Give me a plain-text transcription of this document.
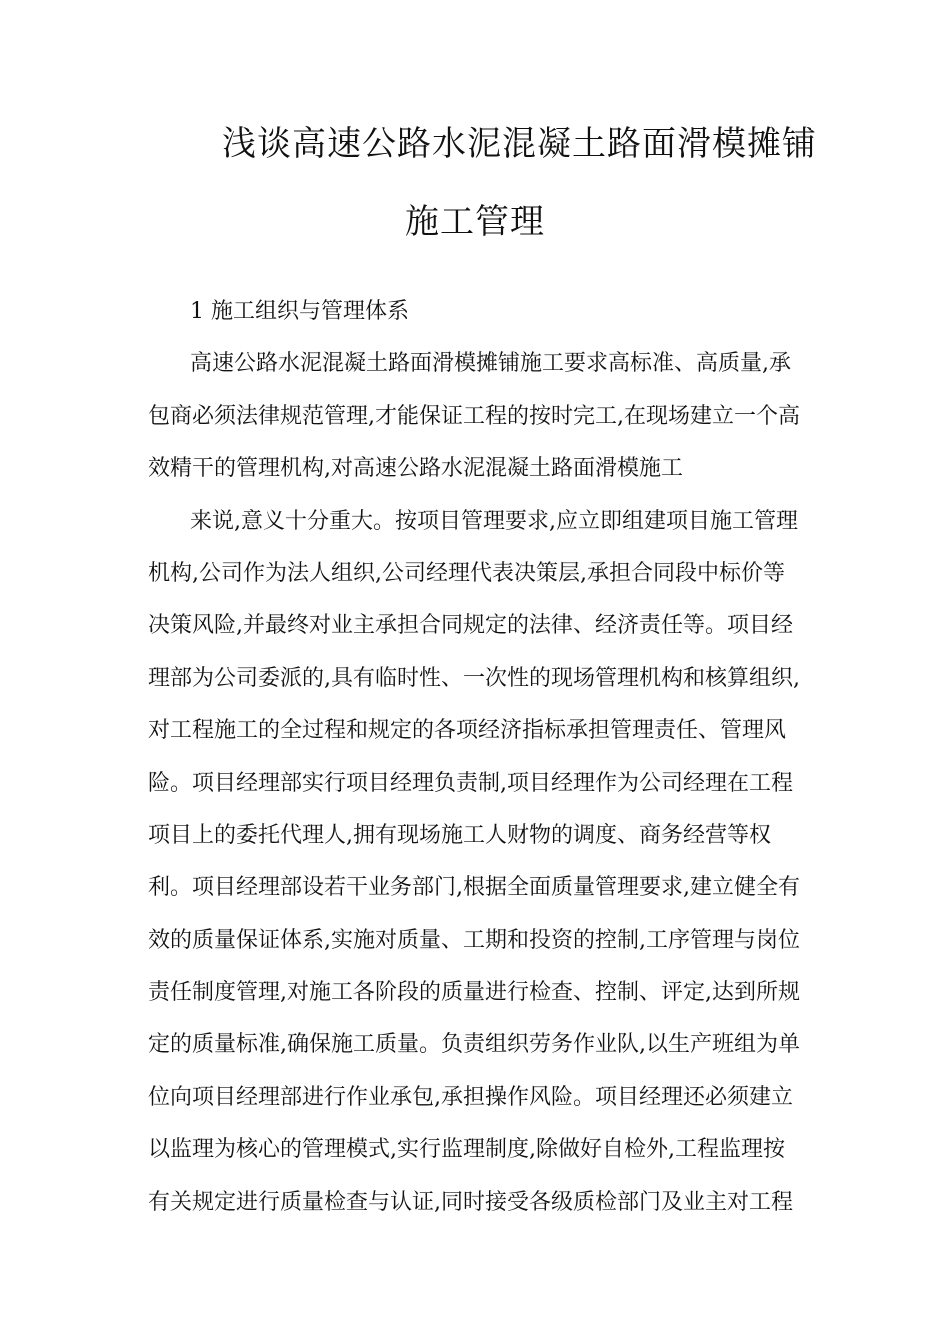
浅谈高速公路水泥混凝土路面滑模摊铺
施工管理
1 施工组织与管理体系
高速公路水泥混凝土路面滑模摊铺施工要求高标准、高质量,承
包商必须法律规范管理,才能保证工程的按时完工,在现场建立一个高
效精干的管理机构,对高速公路水泥混凝土路面滑模施工
来说,意义十分重大。按项目管理要求,应立即组建项目施工管理
机构,公司作为法人组织,公司经理代表决策层,承担合同段中标价等
决策风险,并最终对业主承担合同规定的法律、经济责任等。项目经
理部为公司委派的,具有临时性、一次性的现场管理机构和核算组织,
对工程施工的全过程和规定的各项经济指标承担管理责任、管理风
险。项目经理部实行项目经理负责制,项目经理作为公司经理在工程
项目上的委托代理人,拥有现场施工人财物的调度、商务经营等权
利。项目经理部设若干业务部门,根据全面质量管理要求,建立健全有
效的质量保证体系,实施对质量、工期和投资的控制,工序管理与岗位
责任制度管理,对施工各阶段的质量进行检查、控制、评定,达到所规
定的质量标准,确保施工质量。负责组织劳务作业队,以生产班组为单
位向项目经理部进行作业承包,承担操作风险。项目经理还必须建立
以监理为核心的管理模式,实行监理制度,除做好自检外,工程监理按
有关规定进行质量检查与认证,同时接受各级质检部门及业主对工程
